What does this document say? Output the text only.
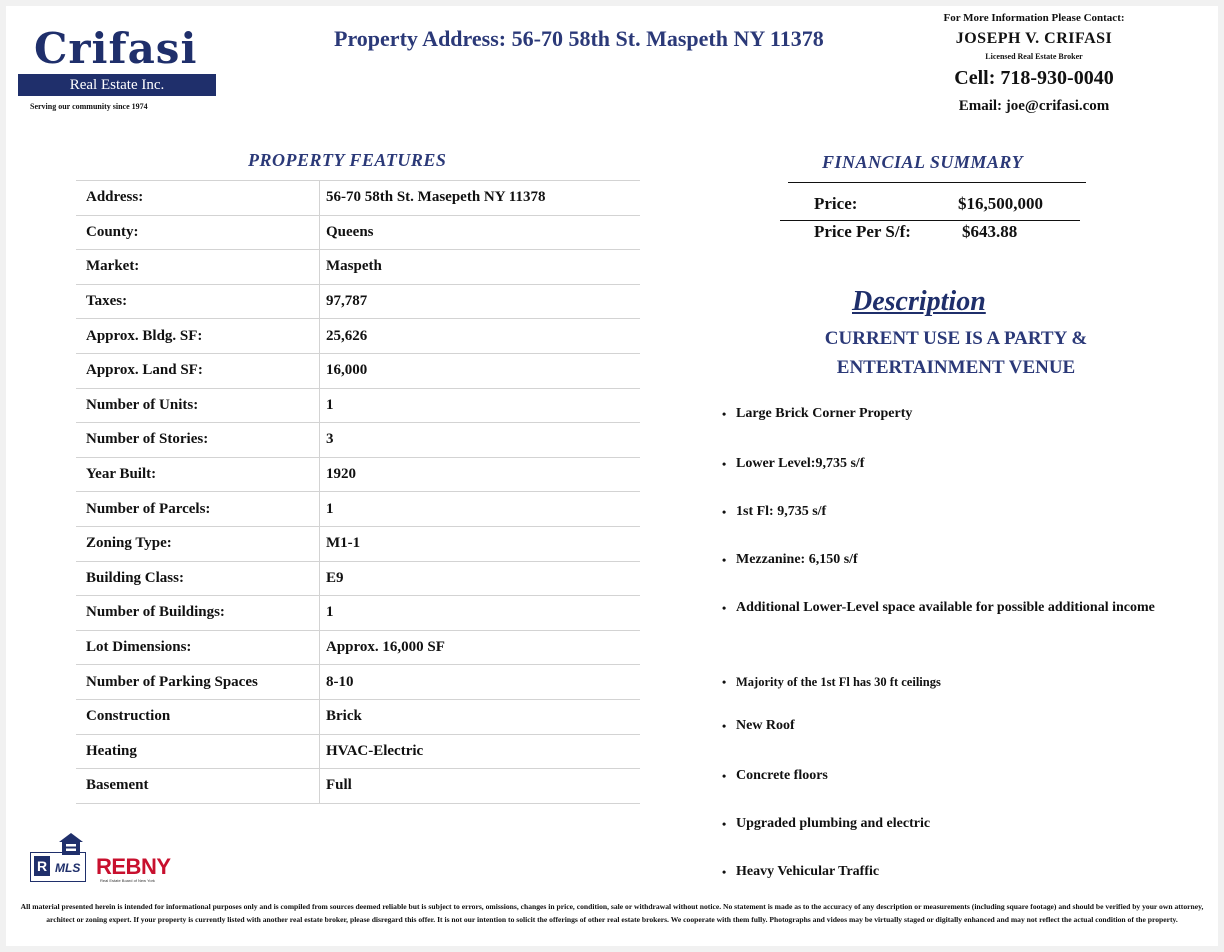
Crifasi
Real Estate Inc.
Serving our community since 1974
Property Address: 56-70 58th St. Maspeth NY 11378
For More Information Please Contact:
JOSEPH V. CRIFASI
Licensed Real Estate Broker
Cell: 718-930-0040
Email: joe@crifasi.com
PROPERTY FEATURES
Address:	56-70 58th St. Masepeth NY 11378
County:	Queens
Market:	Maspeth
Taxes:	97,787
Approx. Bldg. SF:	25,626
Approx. Land SF:	16,000
Number of Units:	1
Number of Stories:	3
Year Built:	1920
Number of Parcels:	1
Zoning Type:	M1-1
Building Class:	E9
Number of Buildings:	1
Lot Dimensions:	Approx. 16,000 SF
Number of Parking Spaces	8-10
Construction	Brick
Heating	HVAC-Electric
Basement	Full
FINANCIAL SUMMARY
Price:	$16,500,000
Price Per S/f:	$643.88
Description
CURRENT USE IS A PARTY & ENTERTAINMENT VENUE
• Large Brick Corner Property
• Lower Level:9,735 s/f
• 1st Fl: 9,735 s/f
• Mezzanine: 6,150 s/f
• Additional Lower-Level space available for possible additional income
• Majority of the 1st Fl has 30 ft ceilings
• New Roof
• Concrete floors
• Upgraded plumbing and electric
• Heavy Vehicular Traffic
R MLS REBNY
Real Estate Board of New York
All material presented herein is intended for informational purposes only and is compiled from sources deemed reliable but is subject to errors, omissions, changes in price, condition, sale or withdrawal without notice. No statement is made as to the accuracy of any description or measurements (including square footage) and should be verified by your own attorney, architect or zoning expert. If your property is currently listed with another real estate broker, please disregard this offer. It is not our intention to solicit the offerings of other real estate brokers. We cooperate with them fully. Photographs and videos may be virtually staged or digitally enhanced and may not reflect the actual condition of the property.
